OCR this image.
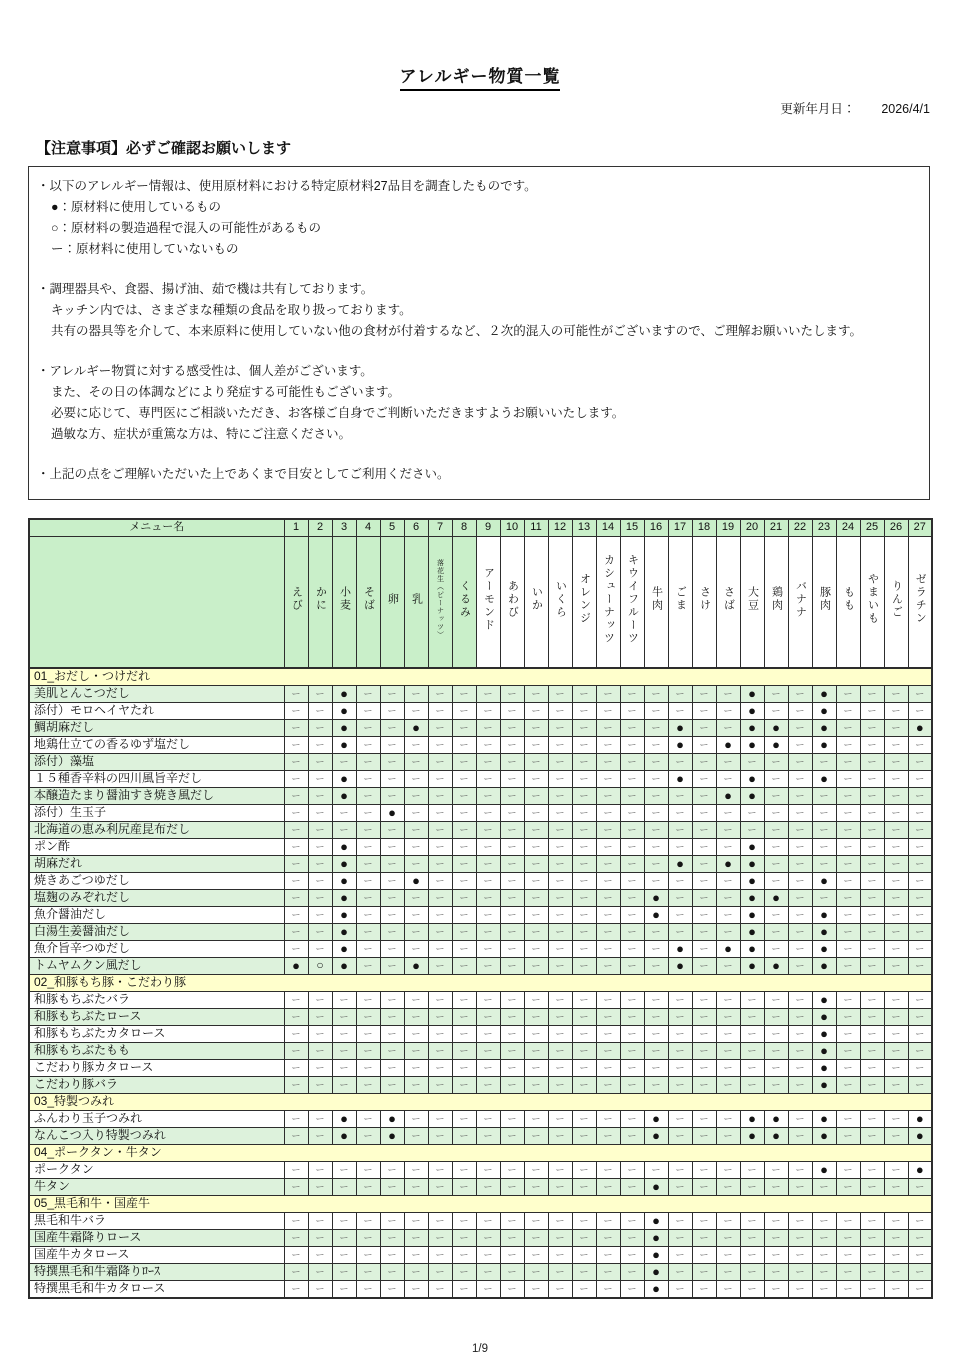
アレルギー物質一覧
更新年月日： 2026/4/1
【注意事項】必ずご確認お願いします
・以下のアレルギー情報は、使用原材料における特定原材料27品目を調査したものです。
●：原材料に使用しているもの
○：原材料の製造過程で混入の可能性があるもの
ー：原材料に使用していないもの
・調理器具や、食器、揚げ油、茹で機は共有しております。
キッチン内では、さまざまな種類の食品を取り扱っております。
共有の器具等を介して、本来原料に使用していない他の食材が付着するなど、２次的混入の可能性がございますので、ご理解お願いいたします。
・アレルギー物質に対する感受性は、個人差がございます。
また、その日の体調などにより発症する可能性もございます。
必要に応じて、専門医にご相談いただき、お客様ご自身でご判断いただきますようお願いいたします。
過敏な方、症状が重篤な方は、特にご注意ください。
・上記の点をご理解いただいた上であくまで目安としてご利用ください。
メニュー名	1	2	3	4	5	6	7	8	9	10	11	12	13	14	15	16	17	18	19	20	21	22	23	24	25	26	27
	えび	かに	小麦	そば	卵	乳	落花生（ピーナッツ）	くるみ	アーモンド	あわび	いか	いくら	オレンジ	カシューナッツ	キウイフルーツ	牛肉	ごま	さけ	さば	大豆	鶏肉	バナナ	豚肉	もも	やまいも	りんご	ゼラチン
01_おだし・つけだれ																											
美肌とんこつだし	ー	ー	●	ー	ー	ー	ー	ー	ー	ー	ー	ー	ー	ー	ー	ー	ー	ー	ー	●	ー	ー	●	ー	ー	ー	ー
添付）モロヘイヤたれ	ー	ー	●	ー	ー	ー	ー	ー	ー	ー	ー	ー	ー	ー	ー	ー	ー	ー	ー	●	ー	ー	●	ー	ー	ー	ー
鯛胡麻だし	ー	ー	●	ー	ー	●	ー	ー	ー	ー	ー	ー	ー	ー	ー	ー	●	ー	ー	●	●	ー	●	ー	ー	ー	●
地鶏仕立ての香るゆず塩だし	ー	ー	●	ー	ー	ー	ー	ー	ー	ー	ー	ー	ー	ー	ー	ー	●	ー	●	●	●	ー	●	ー	ー	ー	ー
添付）藻塩	ー	ー	ー	ー	ー	ー	ー	ー	ー	ー	ー	ー	ー	ー	ー	ー	ー	ー	ー	ー	ー	ー	ー	ー	ー	ー	ー
１５種香辛料の四川風旨辛だし	ー	ー	●	ー	ー	ー	ー	ー	ー	ー	ー	ー	ー	ー	ー	ー	●	ー	ー	●	ー	ー	●	ー	ー	ー	ー
本醸造たまり醤油すき焼き風だし	ー	ー	●	ー	ー	ー	ー	ー	ー	ー	ー	ー	ー	ー	ー	ー	ー	ー	●	●	ー	ー	ー	ー	ー	ー	ー
添付）生玉子	ー	ー	ー	ー	●	ー	ー	ー	ー	ー	ー	ー	ー	ー	ー	ー	ー	ー	ー	ー	ー	ー	ー	ー	ー	ー	ー
北海道の恵み利尻産昆布だし	ー	ー	ー	ー	ー	ー	ー	ー	ー	ー	ー	ー	ー	ー	ー	ー	ー	ー	ー	ー	ー	ー	ー	ー	ー	ー	ー
ポン酢	ー	ー	●	ー	ー	ー	ー	ー	ー	ー	ー	ー	ー	ー	ー	ー	ー	ー	ー	●	ー	ー	ー	ー	ー	ー	ー
胡麻だれ	ー	ー	●	ー	ー	ー	ー	ー	ー	ー	ー	ー	ー	ー	ー	ー	●	ー	●	●	ー	ー	ー	ー	ー	ー	ー
焼きあごつゆだし	ー	ー	●	ー	ー	●	ー	ー	ー	ー	ー	ー	ー	ー	ー	ー	ー	ー	ー	●	ー	ー	●	ー	ー	ー	ー
塩麹のみぞれだし	ー	ー	●	ー	ー	ー	ー	ー	ー	ー	ー	ー	ー	ー	ー	●	ー	ー	ー	●	●	ー	ー	ー	ー	ー	ー
魚介醤油だし	ー	ー	●	ー	ー	ー	ー	ー	ー	ー	ー	ー	ー	ー	ー	●	ー	ー	ー	●	ー	ー	●	ー	ー	ー	ー
白湯生姜醤油だし	ー	ー	●	ー	ー	ー	ー	ー	ー	ー	ー	ー	ー	ー	ー	ー	ー	ー	ー	●	ー	ー	●	ー	ー	ー	ー
魚介旨辛つゆだし	ー	ー	●	ー	ー	ー	ー	ー	ー	ー	ー	ー	ー	ー	ー	ー	●	ー	●	●	ー	ー	●	ー	ー	ー	ー
トムヤムクン風だし	●	○	●	ー	ー	●	ー	ー	ー	ー	ー	ー	ー	ー	ー	ー	●	ー	ー	●	●	ー	●	ー	ー	ー	ー
02_和豚もち豚・こだわり豚																											
和豚もちぶたバラ	ー	ー	ー	ー	ー	ー	ー	ー	ー	ー	ー	ー	ー	ー	ー	ー	ー	ー	ー	ー	ー	ー	●	ー	ー	ー	ー
和豚もちぶたロース	ー	ー	ー	ー	ー	ー	ー	ー	ー	ー	ー	ー	ー	ー	ー	ー	ー	ー	ー	ー	ー	ー	●	ー	ー	ー	ー
和豚もちぶたカタロース	ー	ー	ー	ー	ー	ー	ー	ー	ー	ー	ー	ー	ー	ー	ー	ー	ー	ー	ー	ー	ー	ー	●	ー	ー	ー	ー
和豚もちぶたもも	ー	ー	ー	ー	ー	ー	ー	ー	ー	ー	ー	ー	ー	ー	ー	ー	ー	ー	ー	ー	ー	ー	●	ー	ー	ー	ー
こだわり豚カタロース	ー	ー	ー	ー	ー	ー	ー	ー	ー	ー	ー	ー	ー	ー	ー	ー	ー	ー	ー	ー	ー	ー	●	ー	ー	ー	ー
こだわり豚バラ	ー	ー	ー	ー	ー	ー	ー	ー	ー	ー	ー	ー	ー	ー	ー	ー	ー	ー	ー	ー	ー	ー	●	ー	ー	ー	ー
03_特製つみれ																											
ふんわり玉子つみれ	ー	ー	●	ー	●	ー	ー	ー	ー	ー	ー	ー	ー	ー	ー	●	ー	ー	ー	●	●	ー	●	ー	ー	ー	●
なんこつ入り特製つみれ	ー	ー	●	ー	●	ー	ー	ー	ー	ー	ー	ー	ー	ー	ー	●	ー	ー	ー	●	●	ー	●	ー	ー	ー	●
04_ポークタン・牛タン																											
ポークタン	ー	ー	ー	ー	ー	ー	ー	ー	ー	ー	ー	ー	ー	ー	ー	ー	ー	ー	ー	ー	ー	ー	●	ー	ー	ー	●
牛タン	ー	ー	ー	ー	ー	ー	ー	ー	ー	ー	ー	ー	ー	ー	ー	●	ー	ー	ー	ー	ー	ー	ー	ー	ー	ー	ー
05_黒毛和牛・国産牛																											
黒毛和牛バラ	ー	ー	ー	ー	ー	ー	ー	ー	ー	ー	ー	ー	ー	ー	ー	●	ー	ー	ー	ー	ー	ー	ー	ー	ー	ー	ー
国産牛霜降りロース	ー	ー	ー	ー	ー	ー	ー	ー	ー	ー	ー	ー	ー	ー	ー	●	ー	ー	ー	ー	ー	ー	ー	ー	ー	ー	ー
国産牛カタロース	ー	ー	ー	ー	ー	ー	ー	ー	ー	ー	ー	ー	ー	ー	ー	●	ー	ー	ー	ー	ー	ー	ー	ー	ー	ー	ー
特撰黒毛和牛霜降りﾛｰｽ	ー	ー	ー	ー	ー	ー	ー	ー	ー	ー	ー	ー	ー	ー	ー	●	ー	ー	ー	ー	ー	ー	ー	ー	ー	ー	ー
特撰黒毛和牛カタロース	ー	ー	ー	ー	ー	ー	ー	ー	ー	ー	ー	ー	ー	ー	ー	●	ー	ー	ー	ー	ー	ー	ー	ー	ー	ー	ー
1/9
